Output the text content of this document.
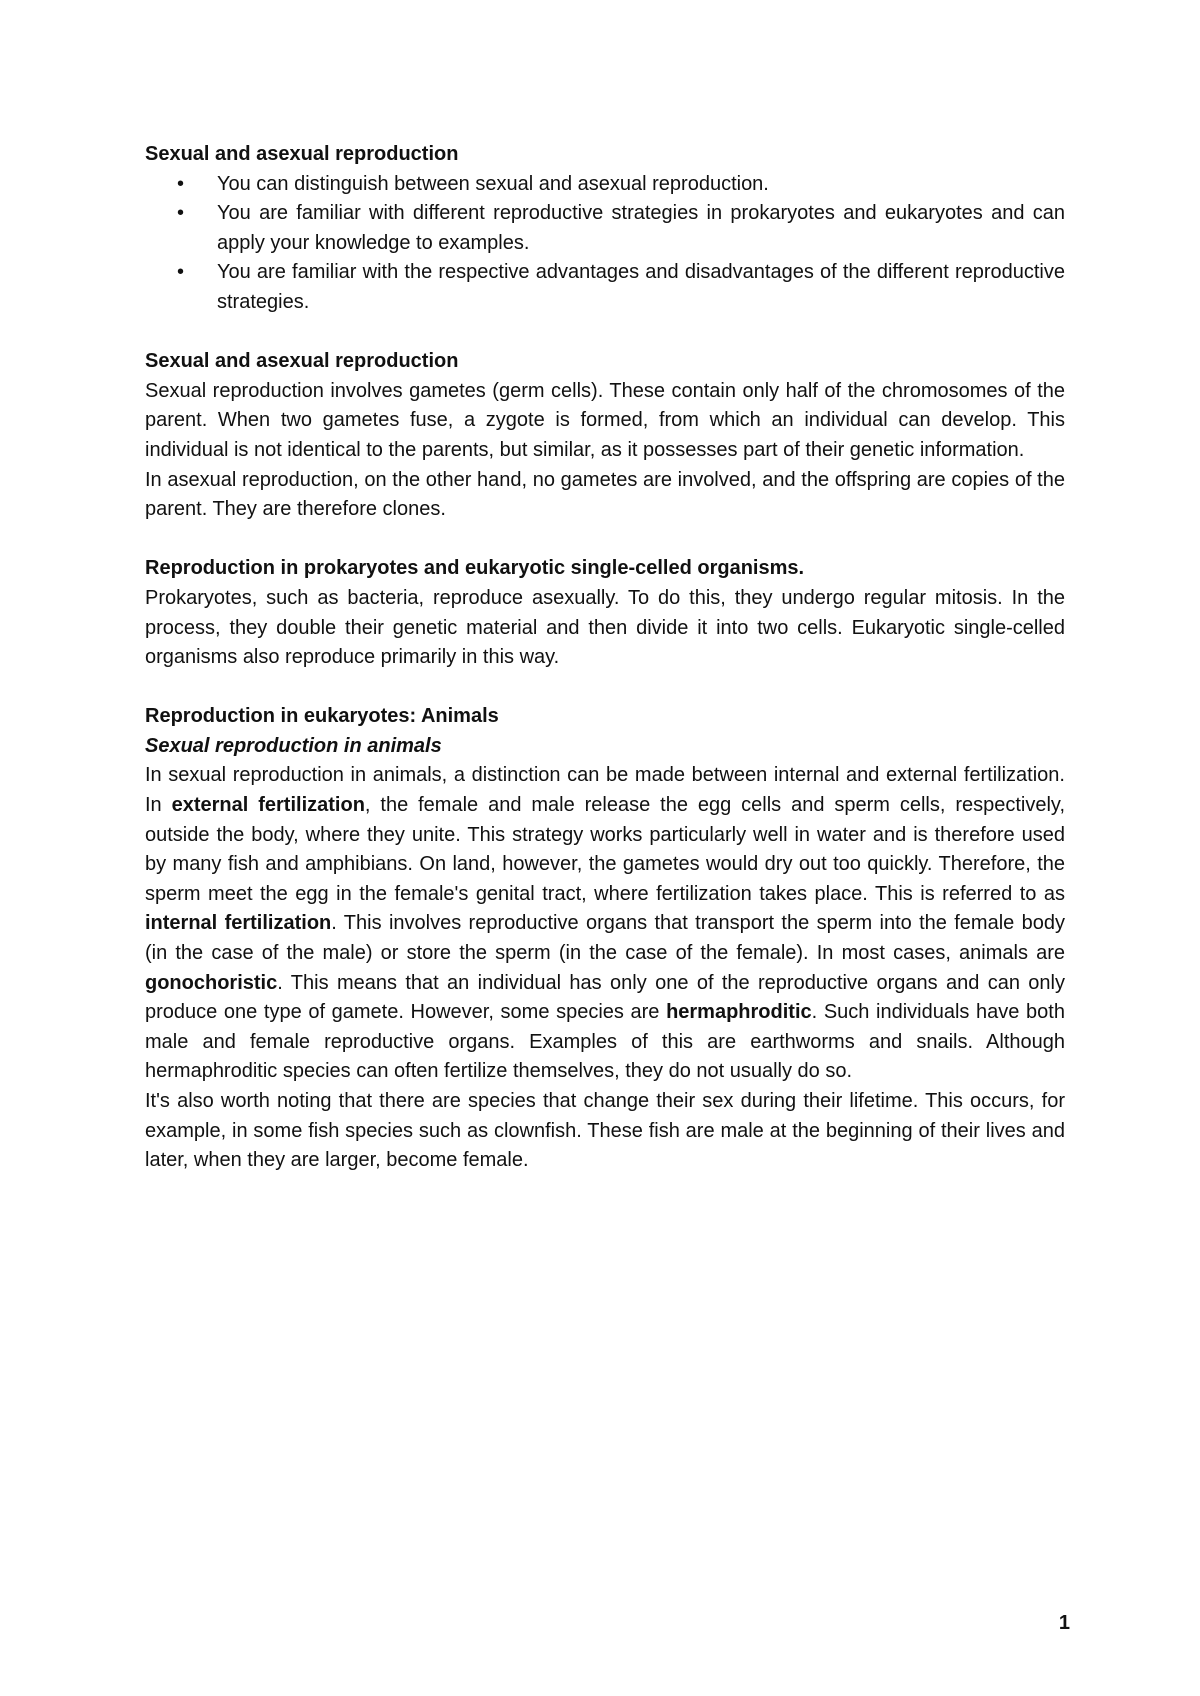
Sexual and asexual reproduction
• You can distinguish between sexual and asexual reproduction.
• You are familiar with different reproductive strategies in prokaryotes and eukaryotes and can apply your knowledge to examples.
• You are familiar with the respective advantages and disadvantages of the different reproductive strategies.
Sexual and asexual reproduction

Sexual reproduction involves gametes (germ cells). These contain only half of the chromosomes of the parent. When two gametes fuse, a zygote is formed, from which an individual can develop. This individual is not identical to the parents, but similar, as it possesses part of their genetic information.

In asexual reproduction, on the other hand, no gametes are involved, and the offspring are copies of the parent. They are therefore clones.

Reproduction in prokaryotes and eukaryotic single-celled organisms.

Prokaryotes, such as bacteria, reproduce asexually. To do this, they undergo regular mitosis. In the process, they double their genetic material and then divide it into two cells. Eukaryotic single-celled organisms also reproduce primarily in this way.

Reproduction in eukaryotes: Animals
Sexual reproduction in animals

In sexual reproduction in animals, a distinction can be made between internal and external fertilization. In external fertilization, the female and male release the egg cells and sperm cells, respectively, outside the body, where they unite. This strategy works particularly well in water and is therefore used by many fish and amphibians. On land, however, the gametes would dry out too quickly. Therefore, the sperm meet the egg in the female's genital tract, where fertilization takes place. This is referred to as internal fertilization. This involves reproductive organs that transport the sperm into the female body (in the case of the male) or store the sperm (in the case of the female). In most cases, animals are gonochoristic. This means that an individual has only one of the reproductive organs and can only produce one type of gamete. However, some species are hermaphroditic. Such individuals have both male and female reproductive organs. Examples of this are earthworms and snails. Although hermaphroditic species can often fertilize themselves, they do not usually do so.

It's also worth noting that there are species that change their sex during their lifetime. This occurs, for example, in some fish species such as clownfish. These fish are male at the beginning of their lives and later, when they are larger, become female.

1
